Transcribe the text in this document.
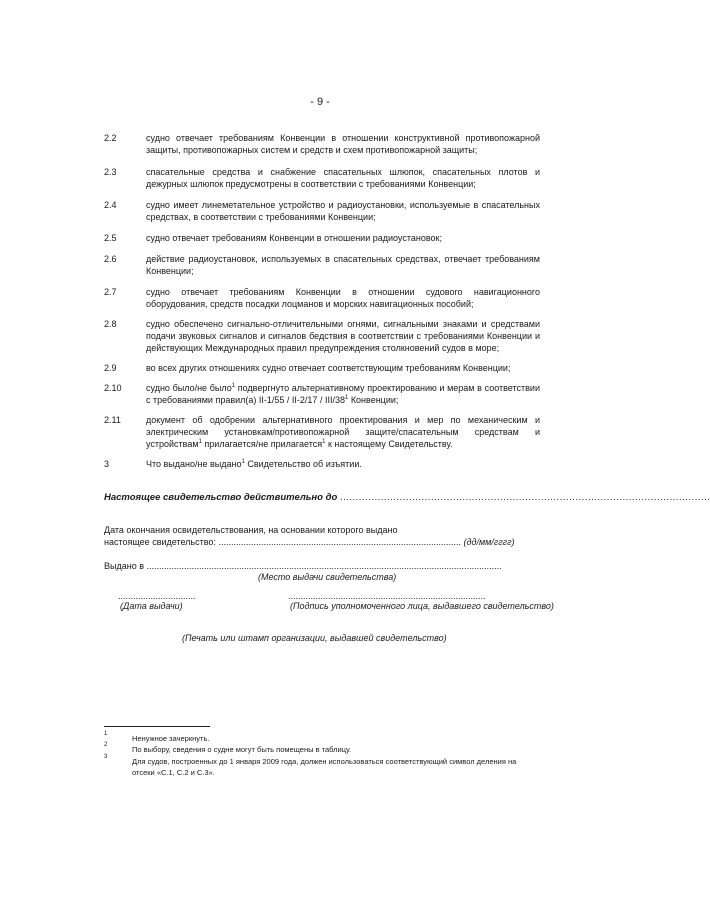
- 9 -
2.2	судно отвечает требованиям Конвенции в отношении конструктивной противопожарной защиты, противопожарных систем и средств и схем противопожарной защиты;
2.3	спасательные средства и снабжение спасательных шлюпок, спасательных плотов и дежурных шлюпок предусмотрены в соответствии с требованиями Конвенции;
2.4	судно имеет линеметательное устройство и радиоустановки, используемые в спасательных средствах, в соответствии с требованиями Конвенции;
2.5	судно отвечает требованиям Конвенции в отношении радиоустановок;
2.6	действие радиоустановок, используемых в спасательных средствах, отвечает требованиям Конвенции;
2.7	судно отвечает требованиям Конвенции в отношении судового навигационного оборудования, средств посадки лоцманов и морских навигационных пособий;
2.8	судно обеспечено сигнально-отличительными огнями, сигнальными знаками и средствами подачи звуковых сигналов и сигналов бедствия в соответствии с требованиями Конвенции и действующих Международных правил предупреждения столкновений судов в море;
2.9	во всех других отношениях судно отвечает соответствующим требованиям Конвенции;
2.10	судно было/не было$^1$ подвергнуто альтернативному проектированию и мерам в соответствии с требованиями правил(а) II-1/55 / II-2/17 / III/$38^1$ Конвенции;
2.11	документ об одобрении альтернативного проектирования и мер по механическим и электрическим установкам/противопожарной защите/спасательным средствам и устройствам$^1$ прилагается/не прилагается$^1$ к настоящему Свидетельству.
3	Что выдано/не выдано$^1$ Свидетельство об изъятии.
Настоящее свидетельство действительно до ......................................................................................................................
Дата окончания освидетельствования, на основании которого выдано
настоящее свидетельство: ................................................................................................. (дд/мм/гггг)
Выдано в ..............................................................................................................................................
(Место выдачи свидетельства)
...............................	...............................................................................
(Дата выдачи)	(Подпись уполномоченного лица, выдавшего свидетельство)
(Печать или штамп организации, выдавшей свидетельство)
1	Ненужное зачеркнуть.
2	По выбору, сведения о судне могут быть помещены в таблицу.
3	Для судов, построенных до 1 января 2009 года, должен использоваться соответствующий символ деления на отсеки «С.1, С.2 и С.3».
